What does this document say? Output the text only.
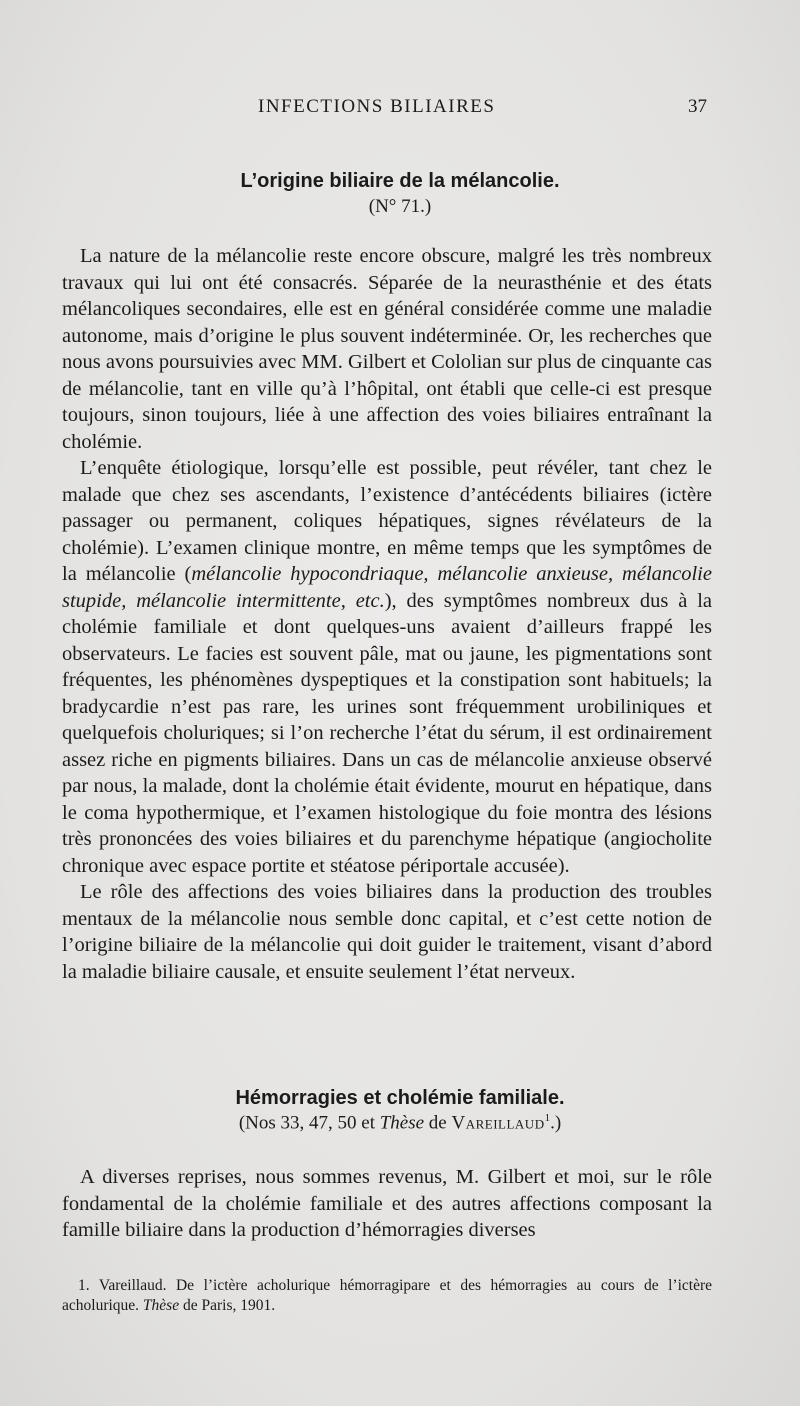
INFECTIONS BILIAIRES	37
L’origine biliaire de la mélancolie.
(N° 71.)

La nature de la mélancolie reste encore obscure, malgré les très nombreux travaux qui lui ont été consacrés. Séparée de la neurasthénie et des états mélancoliques secondaires, elle est en général considérée comme une maladie autonome, mais d’origine le plus souvent indéterminée. Or, les recherches que nous avons poursuivies avec MM. Gilbert et Cololian sur plus de cinquante cas de mélancolie, tant en ville qu’à l’hôpital, ont établi que celle-ci est presque toujours, sinon toujours, liée à une affection des voies biliaires entraînant la cholémie.

L’enquête étiologique, lorsqu’elle est possible, peut révéler, tant chez le malade que chez ses ascendants, l’existence d’antécédents biliaires (ictère passager ou permanent, coliques hépatiques, signes révélateurs de la cholémie). L’examen clinique montre, en même temps que les symptômes de la mélancolie (mélancolie hypocondriaque, mélancolie anxieuse, mélancolie stupide, mélancolie intermittente, etc.), des symptômes nombreux dus à la cholémie familiale et dont quelques-uns avaient d’ailleurs frappé les observateurs. Le facies est souvent pâle, mat ou jaune, les pigmentations sont fréquentes, les phénomènes dyspeptiques et la constipation sont habituels; la bradycardie n’est pas rare, les urines sont fréquemment urobiliniques et quelquefois choluriques; si l’on recherche l’état du sérum, il est ordinairement assez riche en pigments biliaires. Dans un cas de mélancolie anxieuse observé par nous, la malade, dont la cholémie était évidente, mourut en hépatique, dans le coma hypothermique, et l’examen histologique du foie montra des lésions très prononcées des voies biliaires et du parenchyme hépatique (angiocholite chronique avec espace portite et stéatose périportale accusée).

Le rôle des affections des voies biliaires dans la production des troubles mentaux de la mélancolie nous semble donc capital, et c’est cette notion de l’origine biliaire de la mélancolie qui doit guider le traitement, visant d’abord la maladie biliaire causale, et ensuite seulement l’état nerveux.

Hémorragies et cholémie familiale.
(Nos 33, 47, 50 et Thèse de Vareillaud$^1$.)

A diverses reprises, nous sommes revenus, M. Gilbert et moi, sur le rôle fondamental de la cholémie familiale et des autres affections composant la famille biliaire dans la production d’hémorragies diverses

1. Vareillaud. De l’ictère acholurique hémorragipare et des hémorragies au cours de l’ictère acholurique. Thèse de Paris, 1901.
